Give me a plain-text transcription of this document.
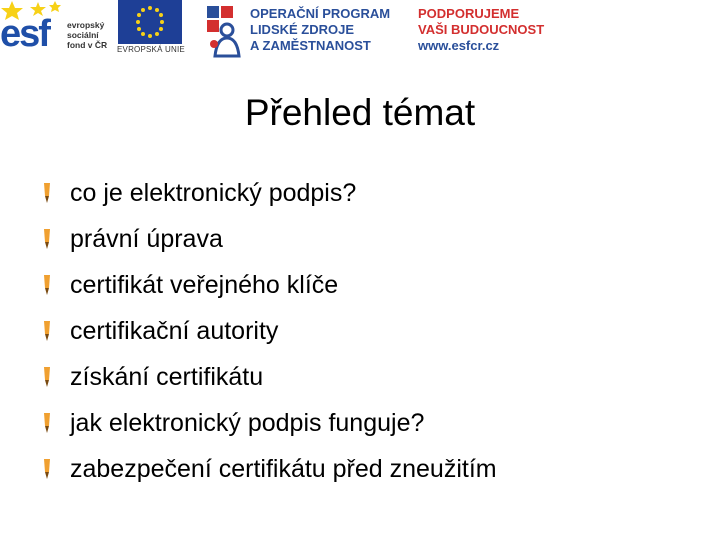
esf evropský
sociální
fond v ČR EVROPSKÁ UNIE
OPERAČNÍ PROGRAM
LIDSKÉ ZDROJE
A ZAMĚSTNANOST
PODPORUJEME
VAŠI BUDOUCNOST
www.esfcr.cz
Přehled témat
co je elektronický podpis?
právní úprava
certifikát veřejného klíče
certifikační autority
získání certifikátu
jak elektronický podpis funguje?
zabezpečení certifikátu před zneužitím
